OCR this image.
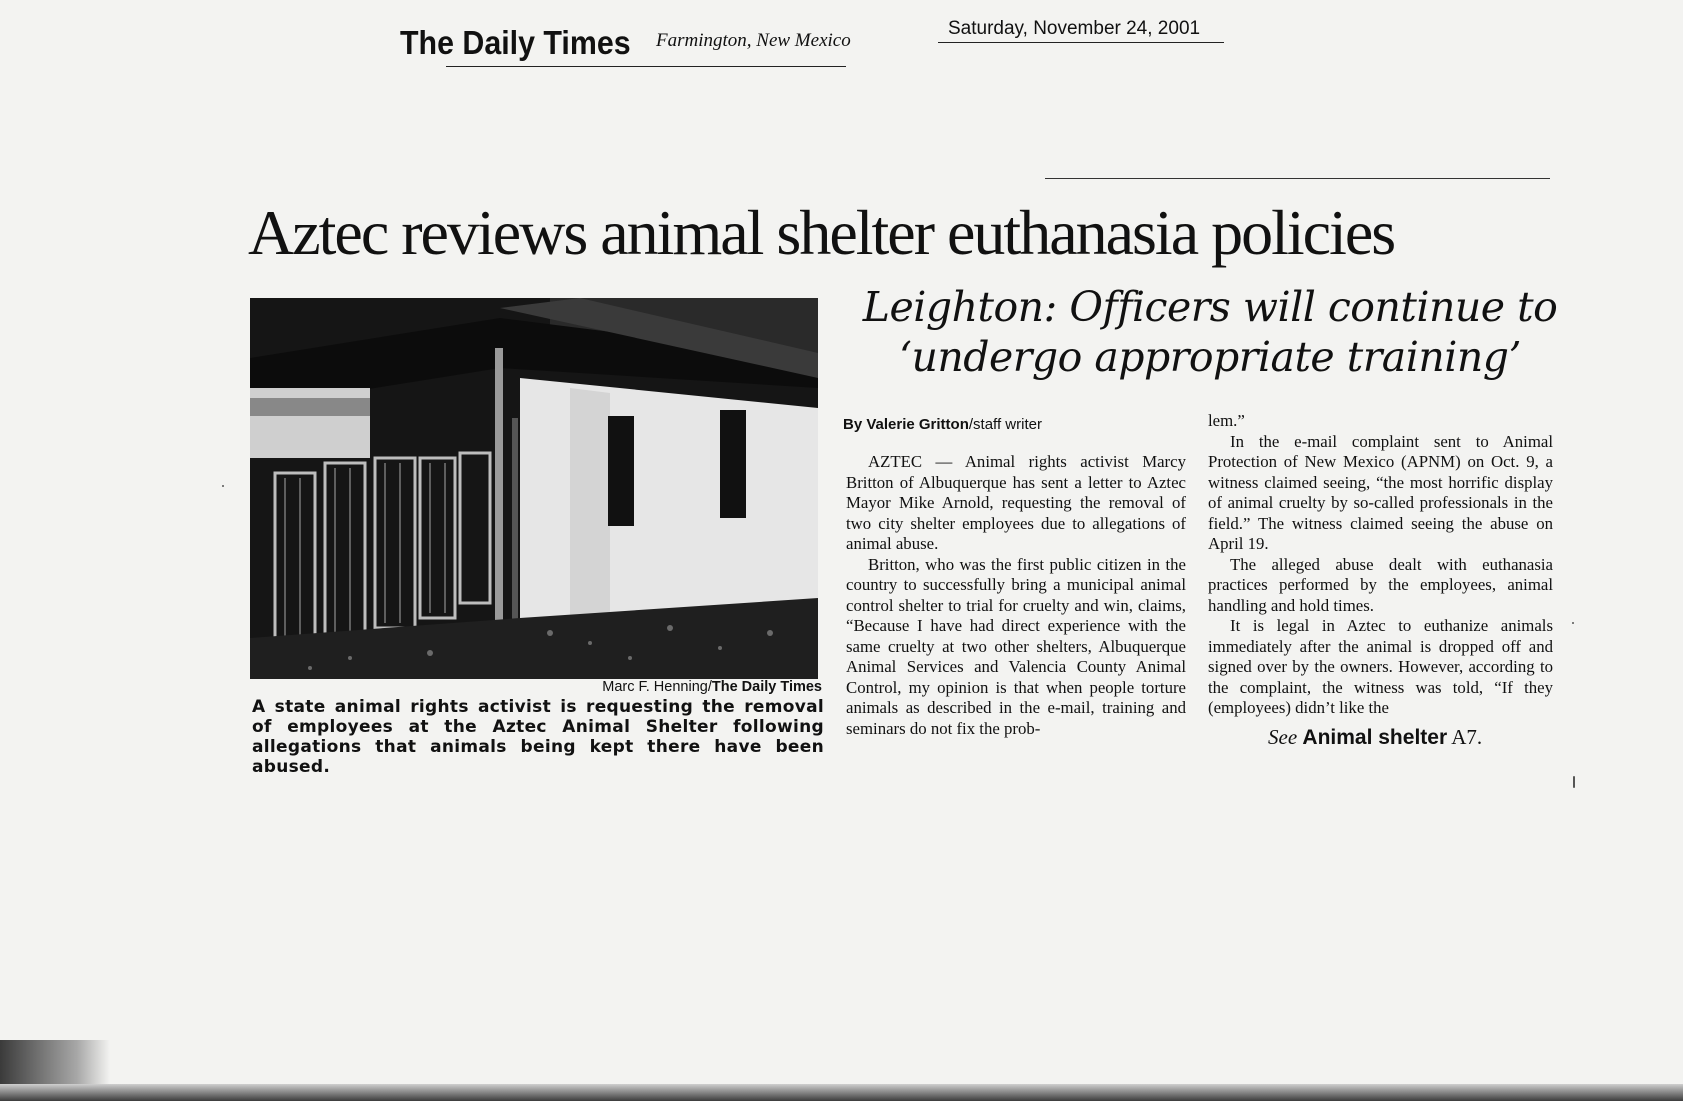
The Daily Times Farmington, New Mexico
Saturday, November 24, 2001
Aztec reviews animal shelter euthanasia policies
Leighton: Officers will continue to ‘undergo appropriate training’
Marc F. Henning/The Daily Times
A state animal rights activist is requesting the removal of employees at the Aztec Animal Shelter following allegations that animals being kept there have been abused.
By Valerie Gritton/staff writer

AZTEC — Animal rights activist Marcy Britton of Albuquerque has sent a letter to Aztec Mayor Mike Arnold, requesting the removal of two city shelter employees due to allegations of animal abuse.

Britton, who was the first public citizen in the country to successfully bring a municipal animal control shelter to trial for cruelty and win, claims, “Because I have had direct experience with the same cruelty at two other shelters, Albuquerque Animal Services and Valencia County Animal Control, my opinion is that when people torture animals as described in the e-mail, training and seminars do not fix the prob-

lem.”

In the e-mail complaint sent to Animal Protection of New Mexico (APNM) on Oct. 9, a witness claimed seeing, “the most horrific display of animal cruelty by so-called professionals in the field.” The witness claimed seeing the abuse on April 19.

The alleged abuse dealt with euthanasia practices performed by the employees, animal handling and hold times.

It is legal in Aztec to euthanize animals immediately after the animal is dropped off and signed over by the owners. However, according to the complaint, the witness was told, “If they (employees) didn’t like the

See Animal shelter A7.
